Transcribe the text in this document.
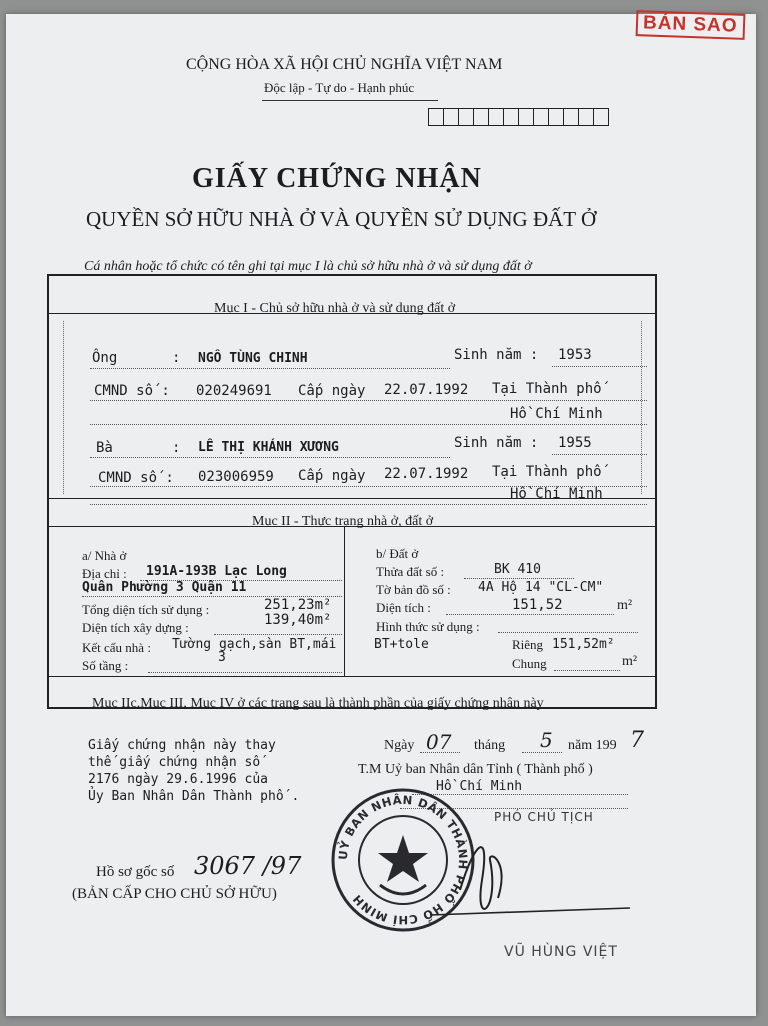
BẢN SAO
CỘNG HÒA XÃ HỘI CHỦ NGHĨA VIỆT NAM
Độc lập - Tự do - Hạnh phúc
GIẤY CHỨNG NHẬN
QUYỀN SỞ HỮU NHÀ Ở VÀ QUYỀN SỬ DỤNG ĐẤT Ở
Cá nhân hoặc tổ chức có tên ghi tại mục I là chủ sở hữu nhà ở và sử dụng đất ở
Mục I - Chủ sở hữu nhà ở và sử dụng đất ở
Ông	: NGÔ TÙNG CHINH	Sinh năm : 1953
CMND số : 020249691 Cấp ngày 22.07.1992 Tại Thành phố
Hồ Chí Minh
Bà	: LÊ THỊ KHÁNH XƯƠNG	Sinh năm : 1955
CMND số : 023006959 Cấp ngày 22.07.1992 Tại Thành phố
Hồ Chí Minh
Mục II - Thực trạng nhà ở, đất ở
a/ Nhà ở
Địa chỉ : 191A-193B Lạc Long
Quân Phường 3 Quận 11
Tổng diện tích sử dụng :	251,23m²
Diện tích xây dựng :	139,40m²
Kết cấu nhà : Tường gạch,sàn BT,mái
Số tầng :
3
b/ Đất ở
Thửa đất số :	BK 410
Tờ bản đồ số : 4A Hộ 14 "CL-CM"
Diện tích :	151,52	m²
Hình thức sử dụng :
BT+tole	Riêng 151,52m²
Chung	m²
Mục IIc,Mục III, Mục IV ở các trang sau là thành phần của giấy chứng nhận này
Giấy chứng nhận này thay
thế giấy chứng nhận số
2176 ngày 29.6.1996 của
Ủy Ban Nhân Dân Thành phố .
Ngày 07 tháng 5 năm 199 7
T.M Uỷ ban Nhân dân Tỉnh ( Thành phố )
Hồ Chí Minh
PHÓ CHỦ TỊCH
Hồ sơ gốc số 3067 /97
(BẢN CẤP CHO CHỦ SỞ HỮU)
UỶ BAN NHÂN DÂN THÀNH PHỐ HỒ CHÍ MINH
VŨ HÙNG VIỆT
